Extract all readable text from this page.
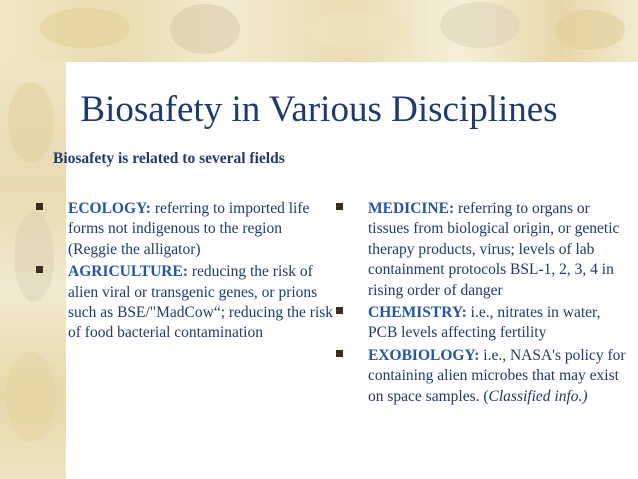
Biosafety in Various Disciplines
Biosafety is related to several fields
ECOLOGY: referring to imported life forms not indigenous to the region (Reggie the alligator)
AGRICULTURE: reducing the risk of alien viral or transgenic genes, or prions such as BSE/"MadCow“; reducing the risk of food bacterial contamination
MEDICINE: referring to organs or tissues from biological origin, or genetic therapy products, virus; levels of lab containment protocols BSL-1, 2, 3, 4 in rising order of danger
CHEMISTRY: i.e., nitrates in water, PCB levels affecting fertility
EXOBIOLOGY: i.e., NASA's policy for containing alien microbes that may exist on space samples. (Classified info.)
